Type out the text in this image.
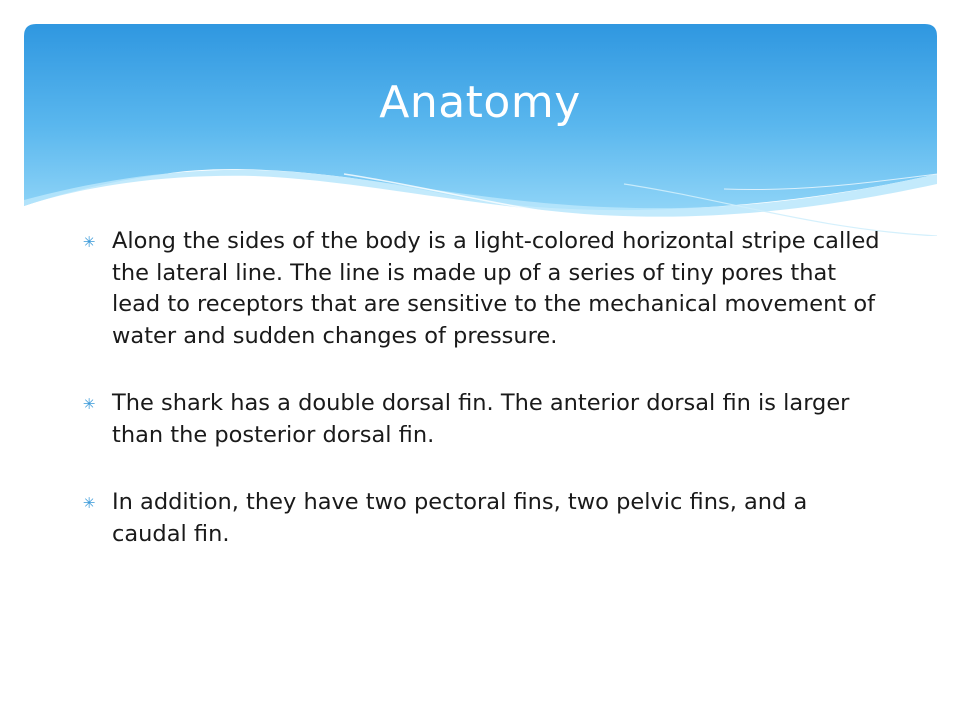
Anatomy
✳ Along the sides of the body is a light-colored horizontal stripe called the lateral line. The line is made up of a series of tiny pores that lead to receptors that are sensitive to the mechanical movement of water and sudden changes of pressure.
✳ The shark has a double dorsal fin. The anterior dorsal fin is larger than the posterior dorsal fin.
✳ In addition, they have two pectoral fins, two pelvic fins, and a caudal fin.
